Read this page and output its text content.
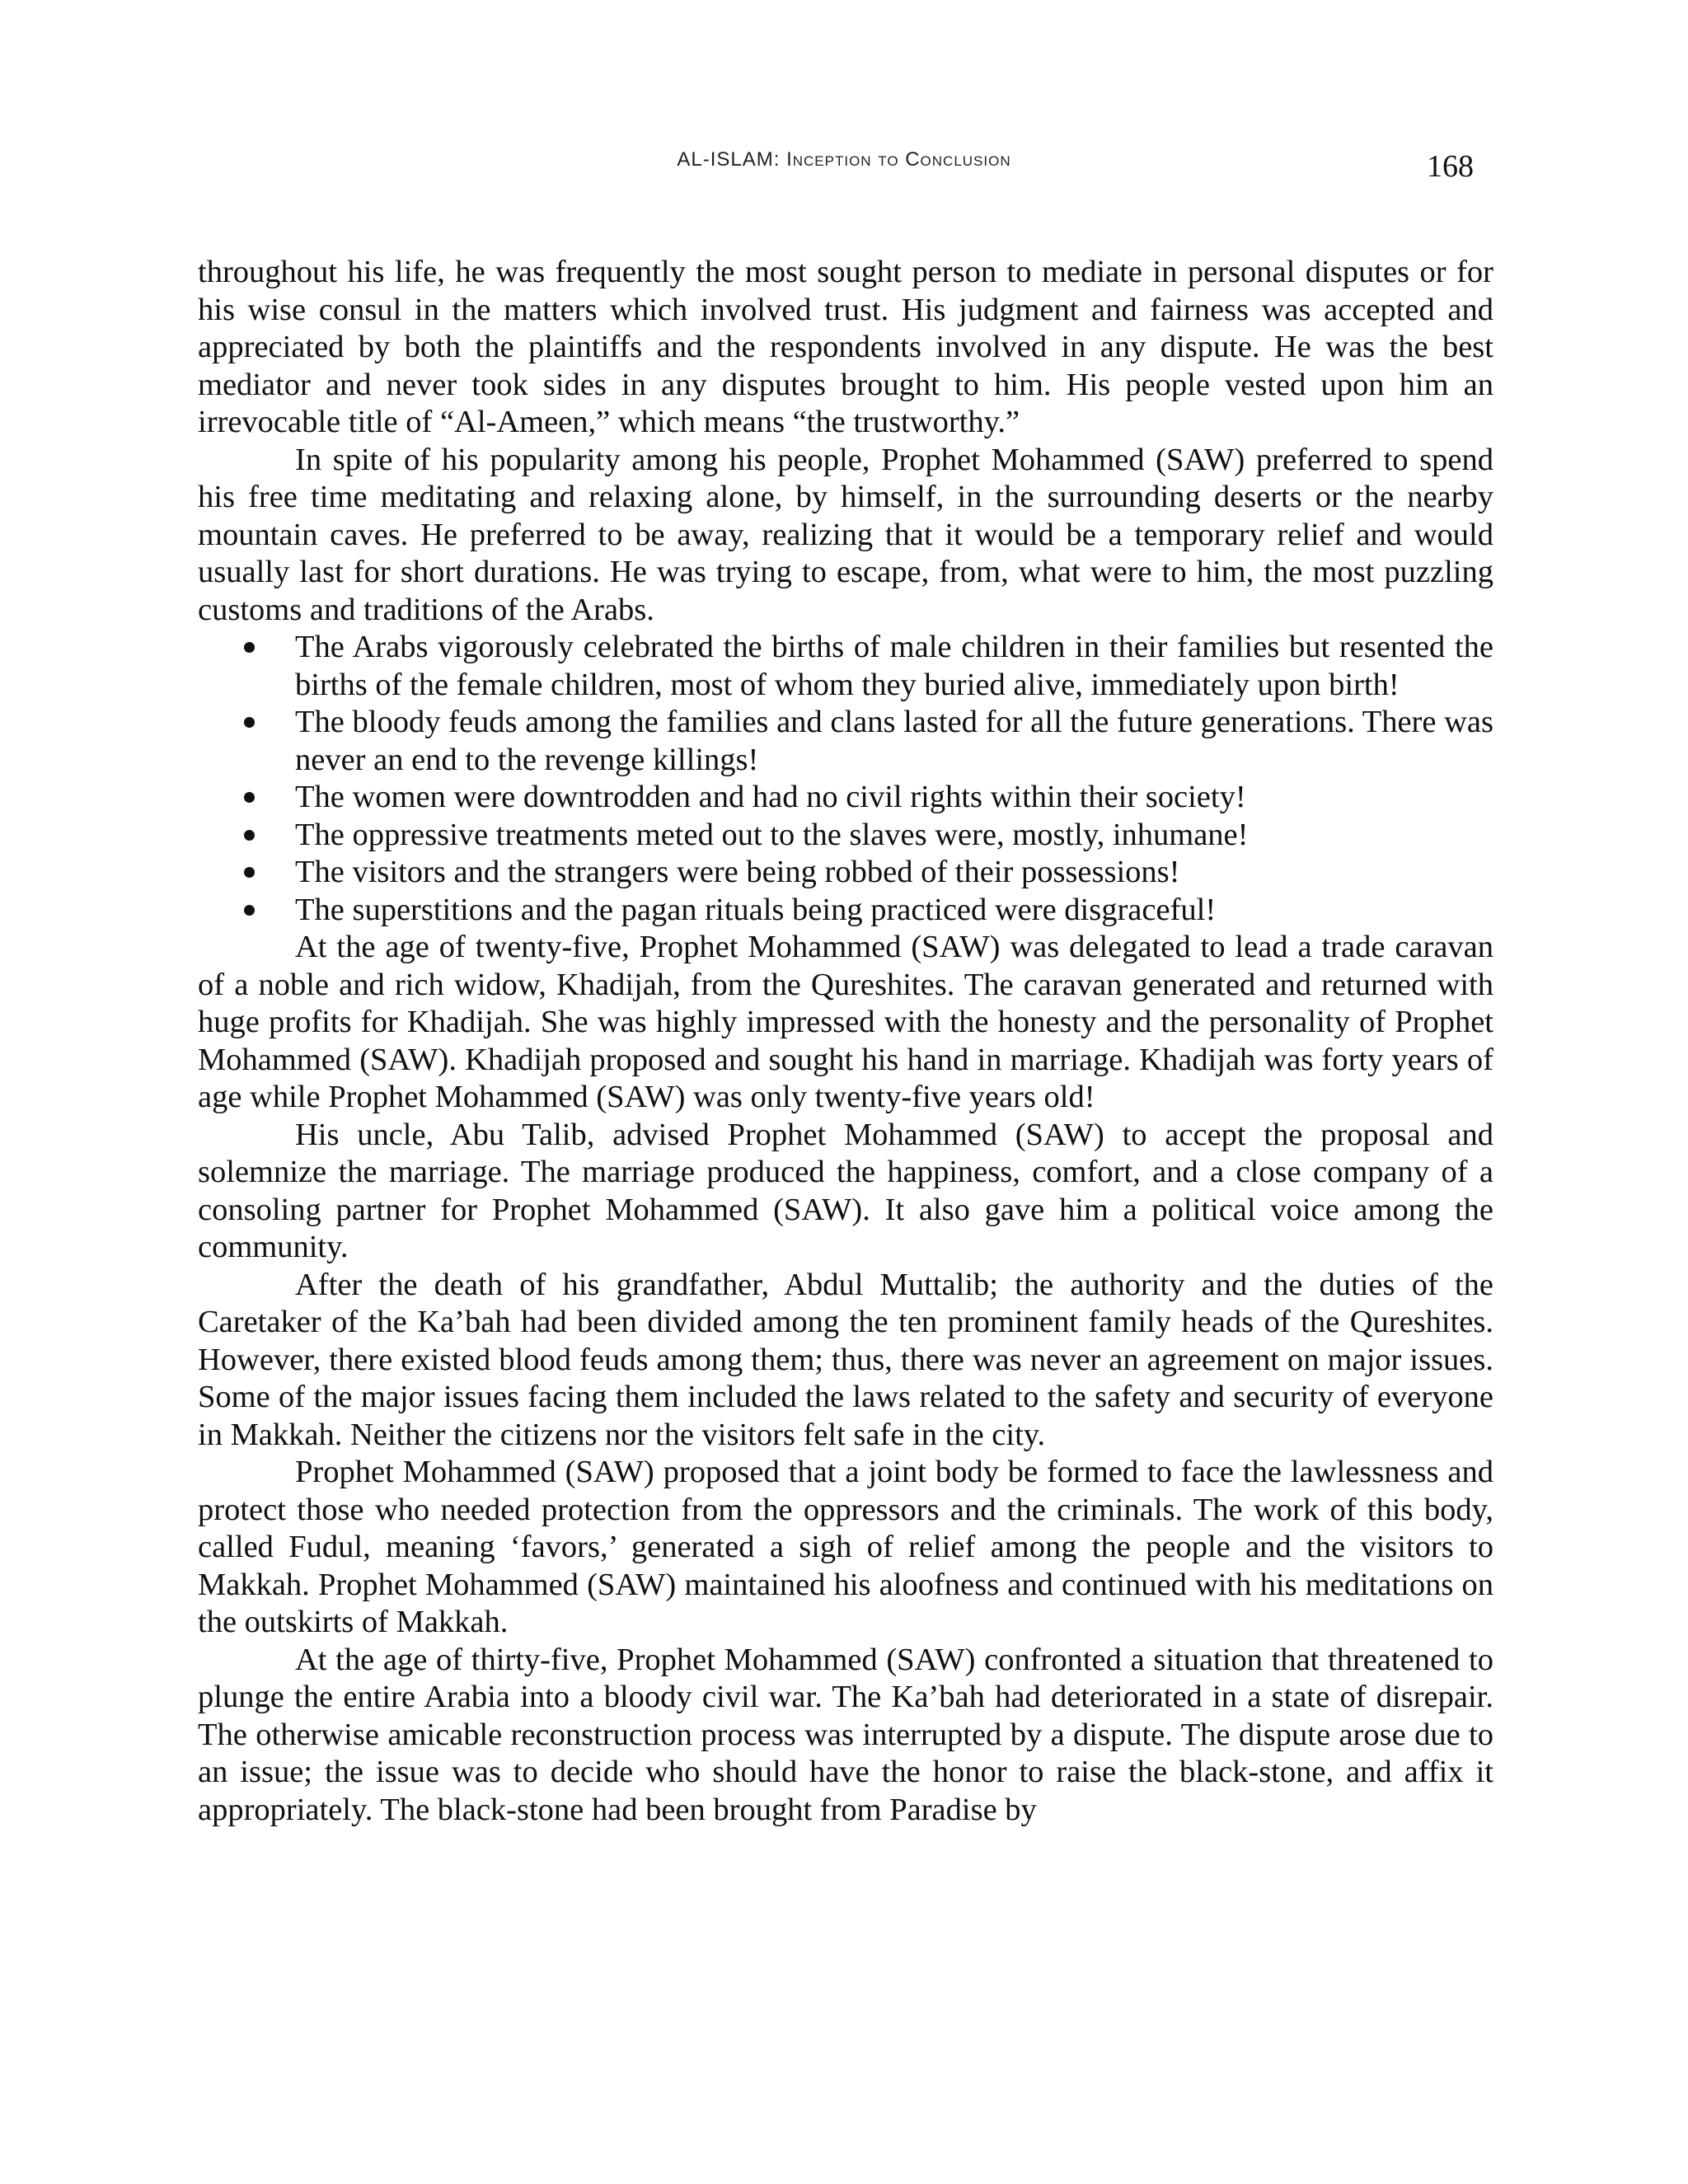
AL-ISLAM: Inception to Conclusion	168

throughout his life, he was frequently the most sought person to mediate in personal disputes or for his wise consul in the matters which involved trust. His judgment and fairness was accepted and appreciated by both the plaintiffs and the respondents involved in any dispute. He was the best mediator and never took sides in any disputes brought to him. His people vested upon him an irrevocable title of “Al-Ameen,” which means “the trustworthy.”

In spite of his popularity among his people, Prophet Mohammed (SAW) preferred to spend his free time meditating and relaxing alone, by himself, in the surrounding deserts or the nearby mountain caves. He preferred to be away, realizing that it would be a temporary relief and would usually last for short durations. He was trying to escape, from, what were to him, the most puzzling customs and traditions of the Arabs.

The Arabs vigorously celebrated the births of male children in their families but resented the births of the female children, most of whom they buried alive, immediately upon birth!
The bloody feuds among the families and clans lasted for all the future generations. There was never an end to the revenge killings!
The women were downtrodden and had no civil rights within their society!
The oppressive treatments meted out to the slaves were, mostly, inhumane!
The visitors and the strangers were being robbed of their possessions!
The superstitions and the pagan rituals being practiced were disgraceful!

At the age of twenty-five, Prophet Mohammed (SAW) was delegated to lead a trade caravan of a noble and rich widow, Khadijah, from the Qureshites. The caravan generated and returned with huge profits for Khadijah. She was highly impressed with the honesty and the personality of Prophet Mohammed (SAW). Khadijah proposed and sought his hand in marriage. Khadijah was forty years of age while Prophet Mohammed (SAW) was only twenty-five years old!

His uncle, Abu Talib, advised Prophet Mohammed (SAW) to accept the proposal and solemnize the marriage. The marriage produced the happiness, comfort, and a close company of a consoling partner for Prophet Mohammed (SAW). It also gave him a political voice among the community.

After the death of his grandfather, Abdul Muttalib; the authority and the duties of the Caretaker of the Ka’bah had been divided among the ten prominent family heads of the Qureshites. However, there existed blood feuds among them; thus, there was never an agreement on major issues. Some of the major issues facing them included the laws related to the safety and security of everyone in Makkah. Neither the citizens nor the visitors felt safe in the city.

Prophet Mohammed (SAW) proposed that a joint body be formed to face the lawlessness and protect those who needed protection from the oppressors and the criminals. The work of this body, called Fudul, meaning ‘favors,’ generated a sigh of relief among the people and the visitors to Makkah. Prophet Mohammed (SAW) maintained his aloofness and continued with his meditations on the outskirts of Makkah.

At the age of thirty-five, Prophet Mohammed (SAW) confronted a situation that threatened to plunge the entire Arabia into a bloody civil war. The Ka’bah had deteriorated in a state of disrepair. The otherwise amicable reconstruction process was interrupted by a dispute. The dispute arose due to an issue; the issue was to decide who should have the honor to raise the black-stone, and affix it appropriately. The black-stone had been brought from Paradise by
